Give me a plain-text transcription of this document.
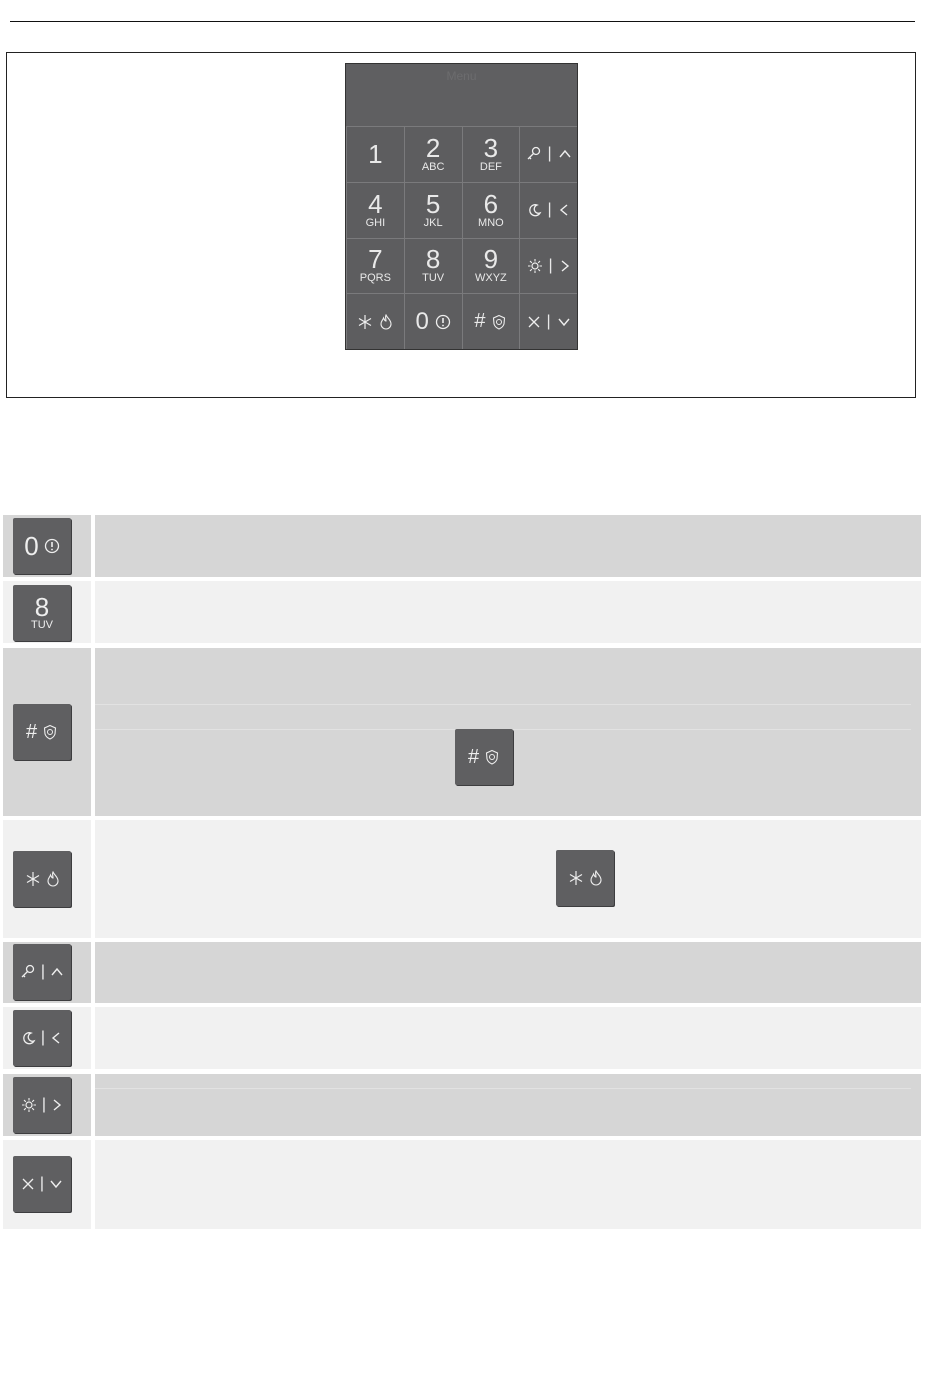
Menu
1 2
ABC
3
DEF
|
4
GHI
5
JKL
6
MNO
|
7
PQRS
8
TUV
9
WXYZ
|
0 #	|
0
8
TUV
#
#
|
|
|
|
